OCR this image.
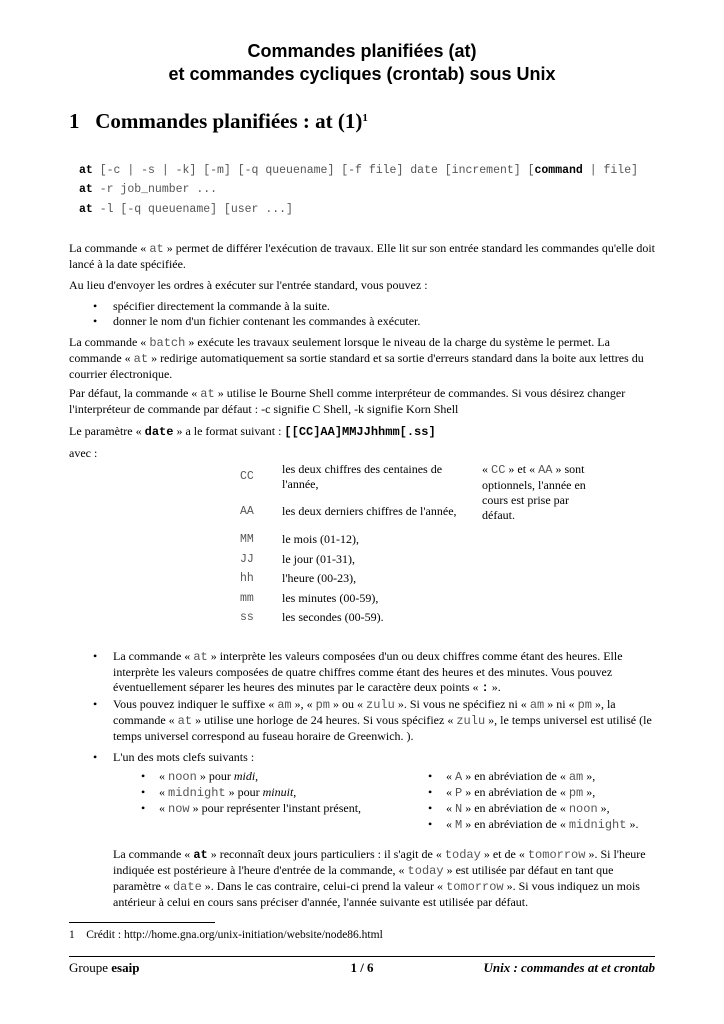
Commandes planifiées (at)
et commandes cycliques (crontab) sous Unix
1 Commandes planifiées : at $(1)^1$
at [-c | -s | -k] [-m] [-q queuename] [-f file] date [increment] [command | file]
at -r job_number ...
at -l [-q queuename] [user ...]
La commande « at » permet de différer l'exécution de travaux. Elle lit sur son entrée standard les commandes qu'elle doit lancé à la date spécifiée.
Au lieu d'envoyer les ordres à exécuter sur l'entrée standard, vous pouvez :
• spécifier directement la commande à la suite.
• donner le nom d'un fichier contenant les commandes à exécuter.
La commande « batch » exécute les travaux seulement lorsque le niveau de la charge du système le permet. La commande « at » redirige automatiquement sa sortie standard et sa sortie d'erreurs standard dans la boite aux lettres du courrier électronique.
Par défaut, la commande « at » utilise le Bourne Shell comme interpréteur de commandes. Si vous désirez changer l'interpréteur de commande par défaut : -c signifie C Shell, -k signifie Korn Shell
Le paramètre « date » a le format suivant : [[CC]AA]MMJJhhmm[.ss]
avec :
CC
les deux chiffres des centaines de
l'année,
AA les deux derniers chiffres de l'année,
MM le mois (01-12),
JJ le jour (01-31),
hh l'heure (00-23),
mm les minutes (00-59),
ss les secondes (00-59).
« CC » et « AA » sont
optionnels, l'année en
cours est prise par
défaut.
• La commande « at » interprète les valeurs composées d'un ou deux chiffres comme étant des heures. Elle interprète les valeurs composées de quatre chiffres comme étant des heures et des minutes. Vous pouvez éventuellement séparer les heures des minutes par le caractère deux points « : ».
• Vous pouvez indiquer le suffixe « am », « pm » ou « zulu ». Si vous ne spécifiez ni « am » ni « pm », la commande « at » utilise une horloge de 24 heures. Si vous spécifiez « zulu », le temps universel est utilisé (le temps universel correspond au fuseau horaire de Greenwich. ).
• L'un des mots clefs suivants :
• « noon » pour midi,
• « midnight » pour minuit,
• « now » pour représenter l'instant présent,
• « A » en abréviation de « am »,
• « P » en abréviation de « pm »,
• « N » en abréviation de « noon »,
• « M » en abréviation de « midnight ».
La commande « at » reconnaît deux jours particuliers : il s'agit de « today » et de « tomorrow ». Si l'heure indiquée est postérieure à l'heure d'entrée de la commande, « today » est utilisée par défaut en tant que paramètre « date ». Dans le cas contraire, celui-ci prend la valeur « tomorrow ». Si vous indiquez un mois antérieur à celui en cours sans préciser d'année, l'année suivante est utilisée par défaut.
1 Crédit : http://home.gna.org/unix-initiation/website/node86.html
Groupe esaip	1 / 6	Unix : commandes at et crontab
